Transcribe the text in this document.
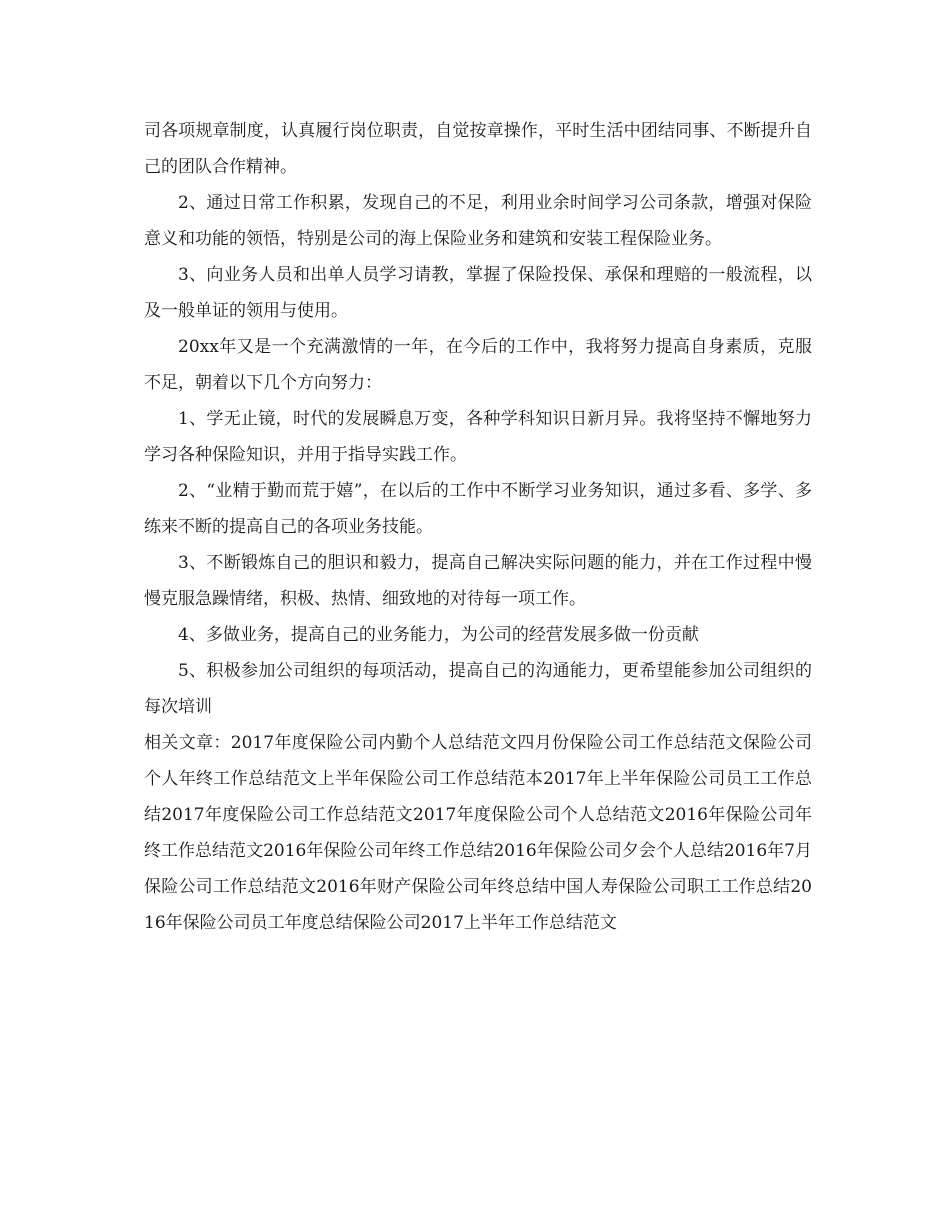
司各项规章制度，认真履行岗位职责，自觉按章操作，平时生活中团结同事、不断提升自己的团队合作精神。

2、通过日常工作积累，发现自己的不足，利用业余时间学习公司条款，增强对保险意义和功能的领悟，特别是公司的海上保险业务和建筑和安装工程保险业务。

3、向业务人员和出单人员学习请教，掌握了保险投保、承保和理赔的一般流程，以及一般单证的领用与使用。

20xx年又是一个充满激情的一年，在今后的工作中，我将努力提高自身素质，克服不足，朝着以下几个方向努力：

1、学无止镜，时代的发展瞬息万变，各种学科知识日新月异。我将坚持不懈地努力学习各种保险知识，并用于指导实践工作。

2、“业精于勤而荒于嬉”，在以后的工作中不断学习业务知识，通过多看、多学、多练来不断的提高自己的各项业务技能。

3、不断锻炼自己的胆识和毅力，提高自己解决实际问题的能力，并在工作过程中慢慢克服急躁情绪，积极、热情、细致地的对待每一项工作。

4、多做业务，提高自己的业务能力，为公司的经营发展多做一份贡献

5、积极参加公司组织的每项活动，提高自己的沟通能力，更希望能参加公司组织的每次培训

相关文章：2017年度保险公司内勤个人总结范文四月份保险公司工作总结范文保险公司个人年终工作总结范文上半年保险公司工作总结范本2017年上半年保险公司员工工作总结2017年度保险公司工作总结范文2017年度保险公司个人总结范文2016年保险公司年终工作总结范文2016年保险公司年终工作总结2016年保险公司夕会个人总结2016年7月保险公司工作总结范文2016年财产保险公司年终总结中国人寿保险公司职工工作总结2016年保险公司员工年度总结保险公司2017上半年工作总结范文
